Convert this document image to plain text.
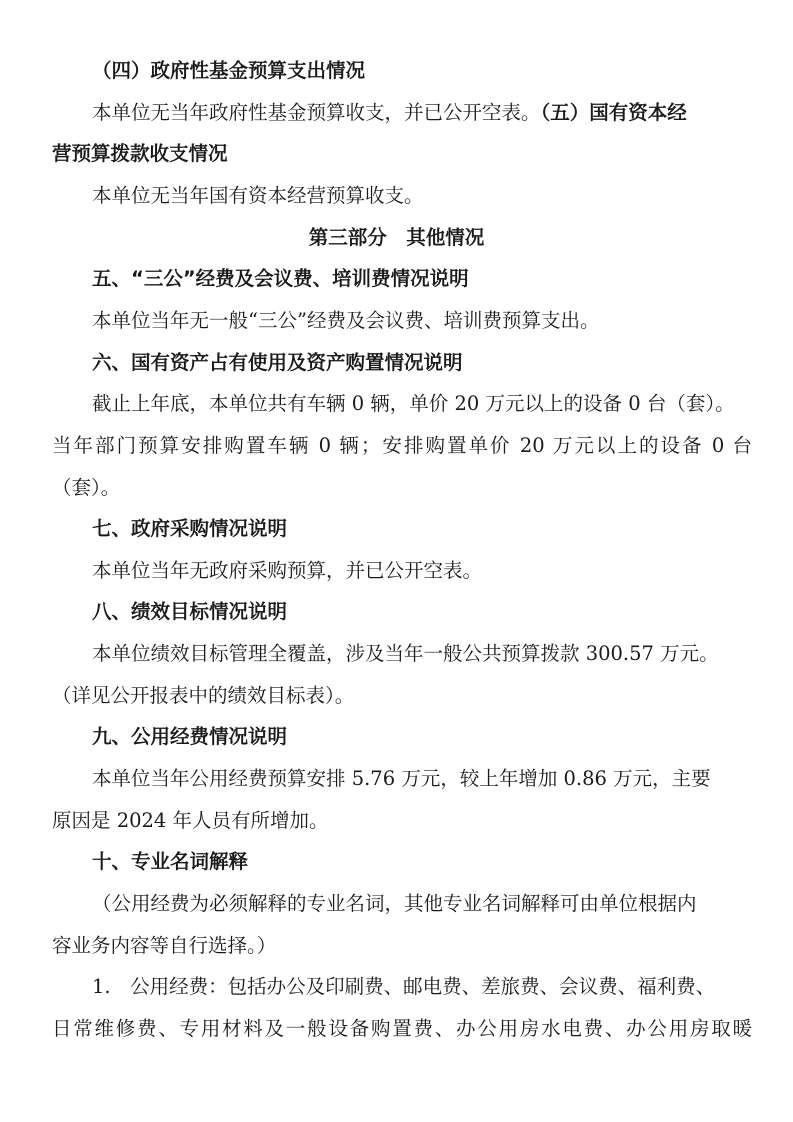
（四）政府性基金预算支出情况
本单位无当年政府性基金预算收支，并已公开空表。（五）国有资本经
营预算拨款收支情况
本单位无当年国有资本经营预算收支。
第三部分　其他情况
五、“三公”经费及会议费、培训费情况说明
本单位当年无一般“三公”经费及会议费、培训费预算支出。
六、国有资产占有使用及资产购置情况说明
截止上年底，本单位共有车辆 0 辆，单价 20 万元以上的设备 0 台（套）。
当年部门预算安排购置车辆 0 辆；安排购置单价 20 万元以上的设备 0 台
（套）。
七、政府采购情况说明
本单位当年无政府采购预算，并已公开空表。
八、绩效目标情况说明
本单位绩效目标管理全覆盖，涉及当年一般公共预算拨款 300.57 万元。
（详见公开报表中的绩效目标表）。
九、公用经费情况说明
本单位当年公用经费预算安排 5.76 万元，较上年增加 0.86 万元，主要
原因是 2024 年人员有所增加。
十、专业名词解释
（公用经费为必须解释的专业名词，其他专业名词解释可由单位根据内
容业务内容等自行选择。）
1.　公用经费：包括办公及印刷费、邮电费、差旅费、会议费、福利费、
日常维修费、专用材料及一般设备购置费、办公用房水电费、办公用房取暖
